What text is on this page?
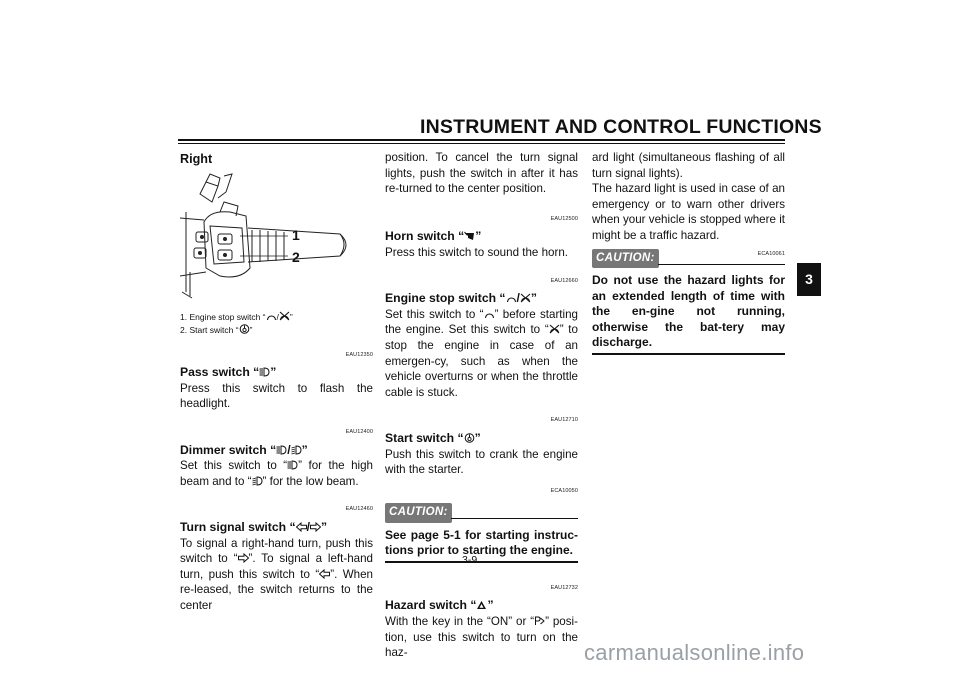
INSTRUMENT AND CONTROL FUNCTIONS
3
Right
1
2
1. Engine stop switch “ / ”
2. Start switch “ ”
EAU12350
Pass switch “ ”

Press this switch to flash the headlight.

EAU12400
Dimmer switch “ / ”

Set this switch to “ ” for the high beam and to “ ” for the low beam.

EAU12460
Turn signal switch “ / ”

To signal a right-hand turn, push this switch to “ ”. To signal a left-hand turn, push this switch to “ ”. When re-leased, the switch returns to the center

position. To cancel the turn signal lights, push the switch in after it has re-turned to the center position.

EAU12500
Horn switch “ ”

Press this switch to sound the horn.

EAU12660
Engine stop switch “ / ”

Set this switch to “ ” before starting the engine. Set this switch to “ ” to stop the engine in case of an emergen-cy, such as when the vehicle overturns or when the throttle cable is stuck.

EAU12710
Start switch “ ”

Push this switch to crank the engine with the starter.

ECA10050
CAUTION:
See page 5-1 for starting instruc-tions prior to starting the engine.
EAU12732
Hazard switch “ ”

With the key in the “ON” or “ ” posi-tion, use this switch to turn on the haz-

ard light (simultaneous flashing of all turn signal lights).

The hazard light is used in case of an emergency or to warn other drivers when your vehicle is stopped where it might be a traffic hazard.

CAUTION:	ECA10061
Do not use the hazard lights for an extended length of time with the en-gine not running, otherwise the bat-tery may discharge.
3-9
carmanualsonline.info
